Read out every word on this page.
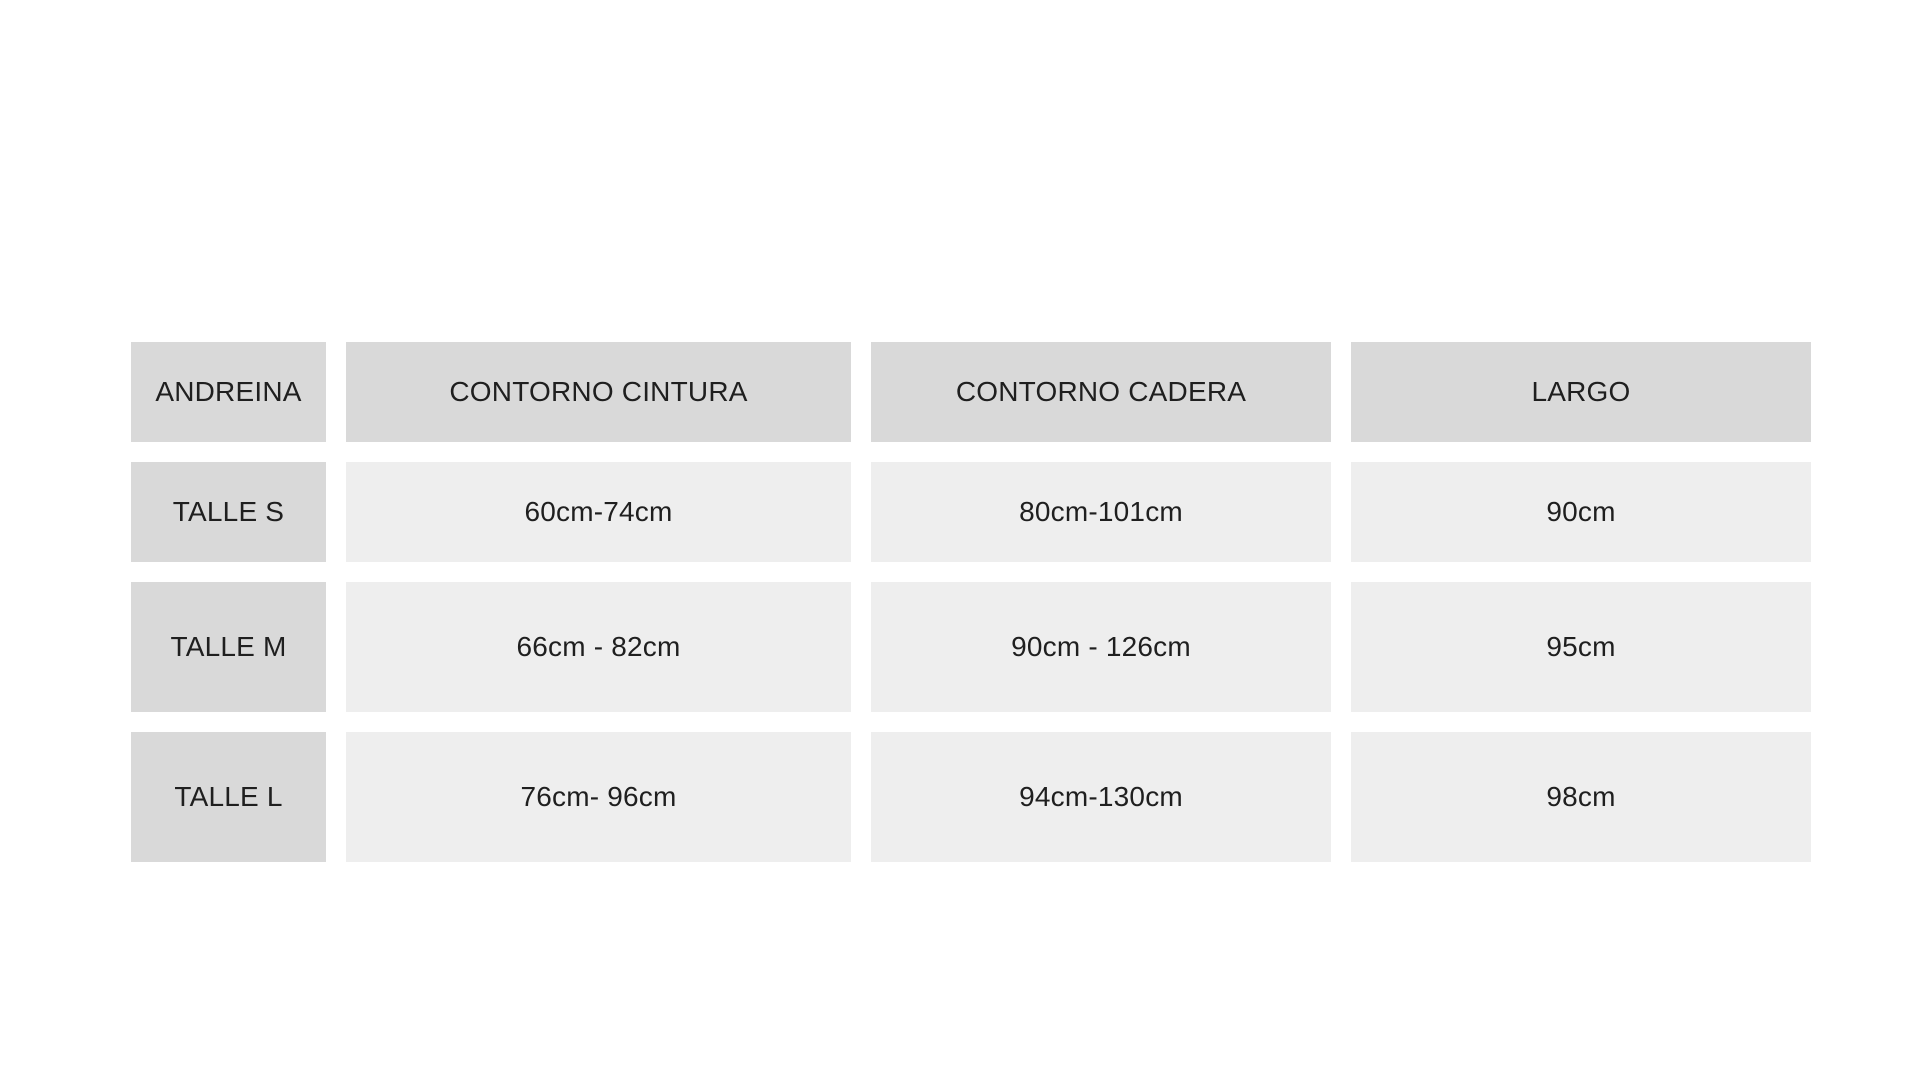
ANDREINA	CONTORNO CINTURA	CONTORNO CADERA	LARGO
TALLE S	60cm-74cm	80cm-101cm	90cm
TALLE M	66cm - 82cm	90cm - 126cm	95cm
TALLE L	76cm- 96cm	94cm-130cm	98cm
